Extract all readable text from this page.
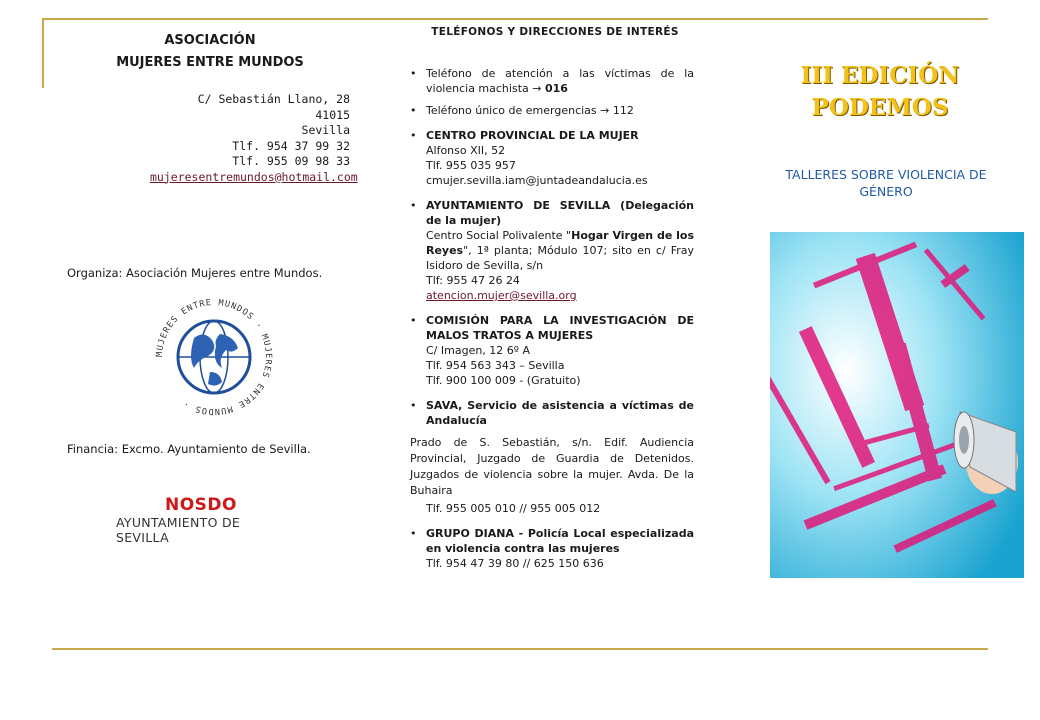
ASOCIACIÓN
MUJERES ENTRE MUNDOS
C/ Sebastián Llano, 28
41015
Sevilla
Tlf. 954 37 99 32
Tlf. 955 09 98 33
mujeresentremundos@hotmail.com
Organiza: Asociación Mujeres entre Mundos.
MUJERES ENTRE MUNDOS · MUJERES ENTRE MUNDOS ·
Financia: Excmo. Ayuntamiento de Sevilla.
NOSDO
AYUNTAMIENTO DE SEVILLA
TELÉFONOS Y DIRECCIONES DE INTERÉS
• Teléfono de atención a las víctimas de la violencia machista → 016
• Teléfono único de emergencias → 112
• CENTRO PROVINCIAL DE LA MUJER
Alfonso XII, 52
Tlf. 955 035 957
cmujer.sevilla.iam@juntadeandalucia.es
• AYUNTAMIENTO DE SEVILLA (Delegación de la mujer)
Centro Social Polivalente "Hogar Virgen de los Reyes", 1ª planta; Módulo 107; sito en c/ Fray Isidoro de Sevilla, s/n
Tlf: 955 47 26 24
atencion.mujer@sevilla.org
• COMISIÓN PARA LA INVESTIGACIÓN DE MALOS TRATOS A MUJERES
C/ Imagen, 12 6º A
Tlf. 954 563 343 – Sevilla
Tlf. 900 100 009 - (Gratuito)
• SAVA, Servicio de asistencia a víctimas de Andalucía
Prado de S. Sebastián, s/n. Edif. Audiencia Provincial, Juzgado de Guardia de Detenidos. Juzgados de violencia sobre la mujer. Avda. De la Buhaira
Tlf. 955 005 010 // 955 005 012
• GRUPO DIANA - Policía Local especializada en violencia contra las mujeres
Tlf. 954 47 39 80 // 625 150 636
III EDICIÓN
PODEMOS
TALLERES SOBRE VIOLENCIA DE GÉNERO
